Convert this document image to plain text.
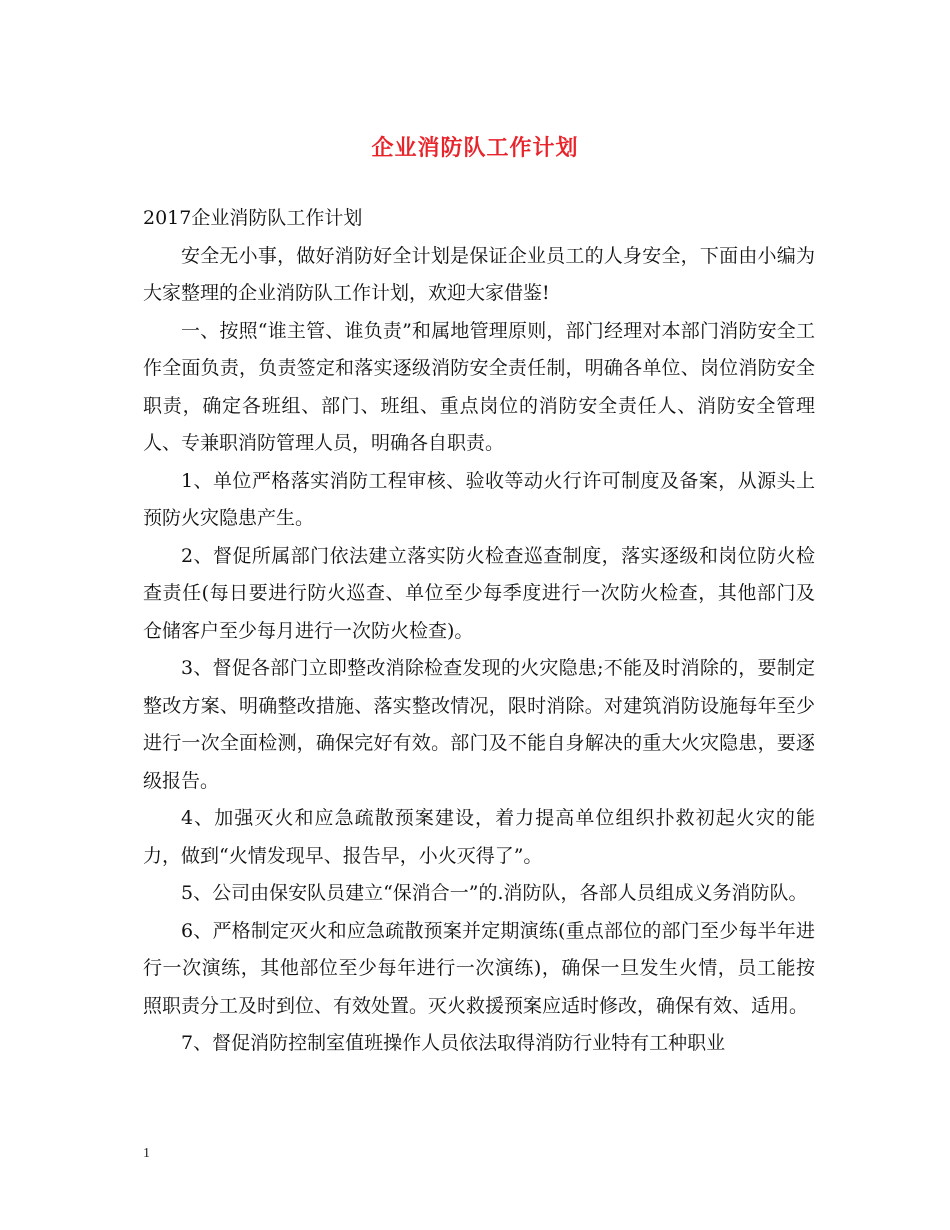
企业消防队工作计划

2017企业消防队工作计划

安全无小事，做好消防好全计划是保证企业员工的人身安全，下面由小编为大家整理的企业消防队工作计划，欢迎大家借鉴!

一、按照“谁主管、谁负责”和属地管理原则，部门经理对本部门消防安全工作全面负责，负责签定和落实逐级消防安全责任制，明确各单位、岗位消防安全职责，确定各班组、部门、班组、重点岗位的消防安全责任人、消防安全管理人、专兼职消防管理人员，明确各自职责。

1、单位严格落实消防工程审核、验收等动火行许可制度及备案，从源头上预防火灾隐患产生。

2、督促所属部门依法建立落实防火检查巡查制度，落实逐级和岗位防火检查责任(每日要进行防火巡查、单位至少每季度进行一次防火检查，其他部门及仓储客户至少每月进行一次防火检查)。

3、督促各部门立即整改消除检查发现的火灾隐患;不能及时消除的，要制定整改方案、明确整改措施、落实整改情况，限时消除。对建筑消防设施每年至少进行一次全面检测，确保完好有效。部门及不能自身解决的重大火灾隐患，要逐级报告。

4、加强灭火和应急疏散预案建设，着力提高单位组织扑救初起火灾的能力，做到“火情发现早、报告早，小火灭得了”。

5、公司由保安队员建立“保消合一”的.消防队，各部人员组成义务消防队。

6、严格制定灭火和应急疏散预案并定期演练(重点部位的部门至少每半年进行一次演练，其他部位至少每年进行一次演练)，确保一旦发生火情，员工能按照职责分工及时到位、有效处置。灭火救援预案应适时修改，确保有效、适用。

7、督促消防控制室值班操作人员依法取得消防行业特有工种职业

1
